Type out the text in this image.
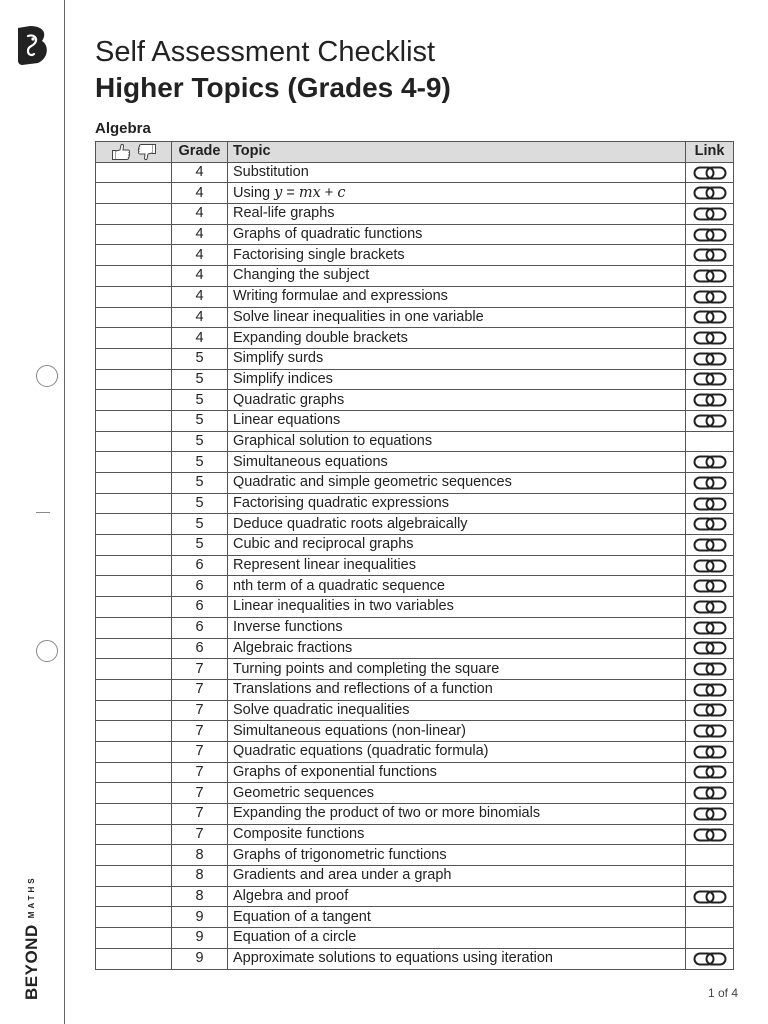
BEYONDMATHS
Self Assessment Checklist
Higher Topics (Grades 4-9)
Algebra
	Grade	Topic	Link
	4	Substitution	

	4	Using y = mx + c	

	4	Real-life graphs	

	4	Graphs of quadratic functions	

	4	Factorising single brackets	

	4	Changing the subject	

	4	Writing formulae and expressions	

	4	Solve linear inequalities in one variable	

	4	Expanding double brackets	

	5	Simplify surds	

	5	Simplify indices	

	5	Quadratic graphs	

	5	Linear equations	

	5	Graphical solution to equations	
	5	Simultaneous equations	

	5	Quadratic and simple geometric sequences	

	5	Factorising quadratic expressions	

	5	Deduce quadratic roots algebraically	

	5	Cubic and reciprocal graphs	

	6	Represent linear inequalities	

	6	nth term of a quadratic sequence	

	6	Linear inequalities in two variables	

	6	Inverse functions	

	6	Algebraic fractions	

	7	Turning points and completing the square	

	7	Translations and reflections of a function	

	7	Solve quadratic inequalities	

	7	Simultaneous equations (non-linear)	

	7	Quadratic equations (quadratic formula)	

	7	Graphs of exponential functions	

	7	Geometric sequences	

	7	Expanding the product of two or more binomials	

	7	Composite functions	

	8	Graphs of trigonometric functions	
	8	Gradients and area under a graph	
	8	Algebra and proof	

	9	Equation of a tangent	
	9	Equation of a circle	
	9	Approximate solutions to equations using iteration	
1 of 4
